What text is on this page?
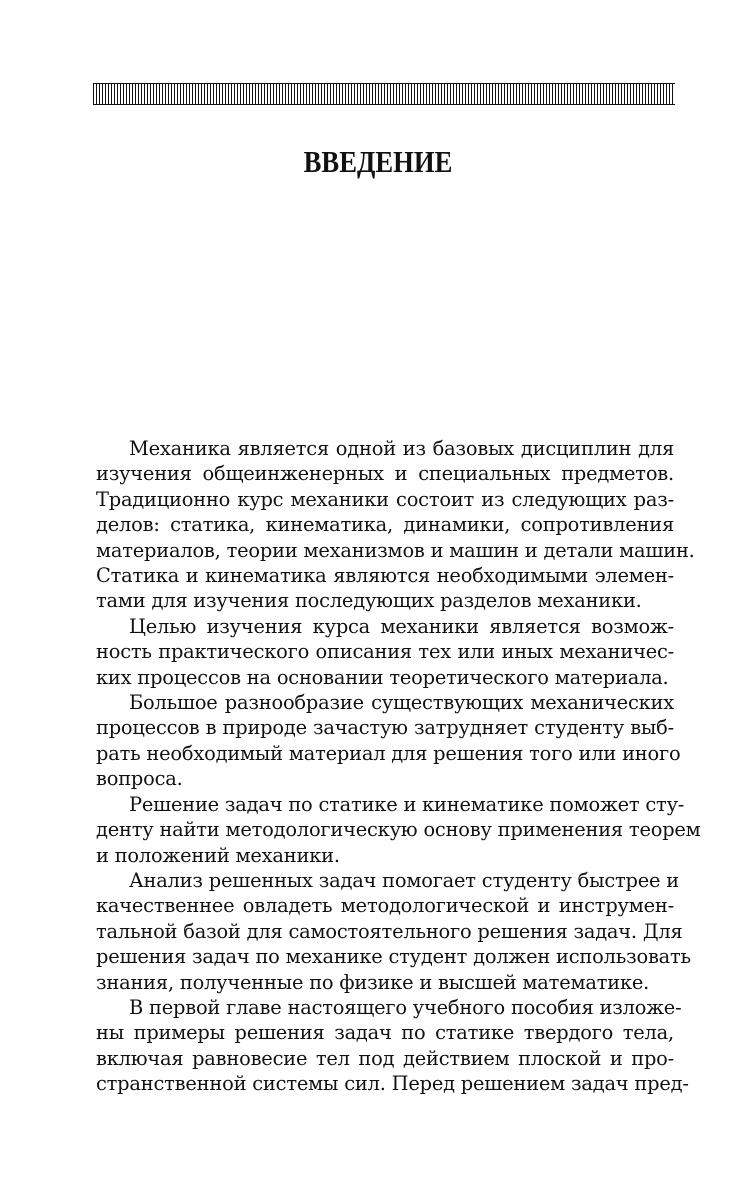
ВВЕДЕНИЕ

Механика является одной из базовых дисциплин для
изучения общеинженерных и специальных предметов.
Традиционно курс механики состоит из следующих раз-
делов: статика, кинематика, динамики, сопротивления
материалов, теории механизмов и машин и детали машин.
Статика и кинематика являются необходимыми элемен-
тами для изучения последующих разделов механики.

Целью изучения курса механики является возмож-
ность практического описания тех или иных механичес-
ких процессов на основании теоретического материала.

Большое разнообразие существующих механических
процессов в природе зачастую затрудняет студенту выб-
рать необходимый материал для решения того или иного
вопроса.

Решение задач по статике и кинематике поможет сту-
денту найти методологическую основу применения теорем
и положений механики.

Анализ решенных задач помогает студенту быстрее и
качественнее овладеть методологической и инструмен-
тальной базой для самостоятельного решения задач. Для
решения задач по механике студент должен использовать
знания, полученные по физике и высшей математике.

В первой главе настоящего учебного пособия изложе-
ны примеры решения задач по статике твердого тела,
включая равновесие тел под действием плоской и про-
странственной системы сил. Перед решением задач пред-
